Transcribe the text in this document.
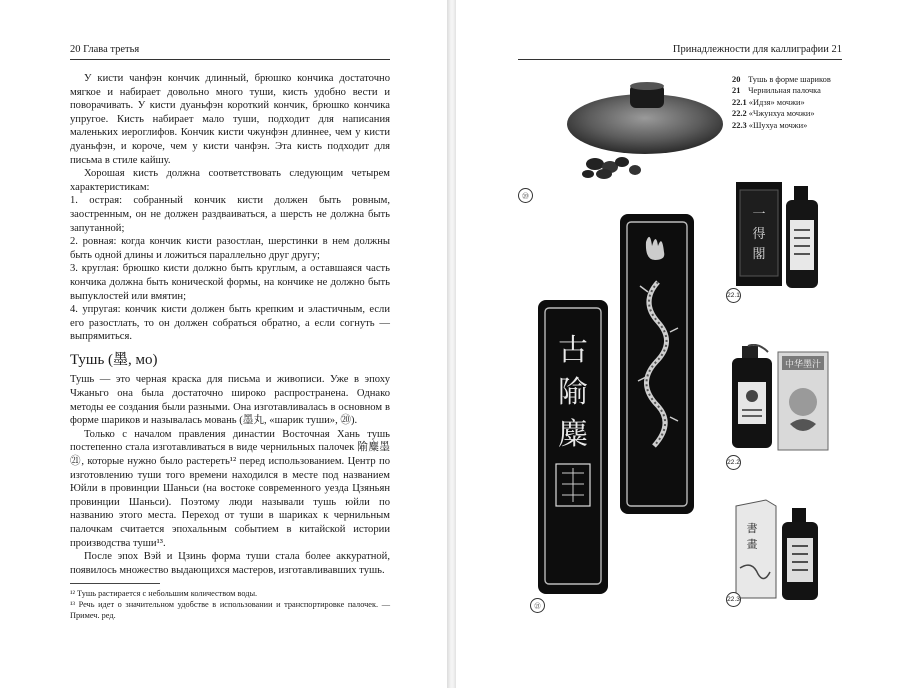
20 Глава третья

У кисти чанфэн кончик длинный, брюшко кончика достаточно мягкое и набирает довольно много туши, кисть удобно вести и поворачивать. У кисти дуаньфэн короткий кончик, брюшко кончика упругое. Кисть набирает мало туши, подходит для написания маленьких иероглифов. Кончик кисти чжунфэн длиннее, чем у кисти дуаньфэн, и короче, чем у кисти чанфэн. Эта кисть подходит для письма в стиле кайшу.

Хорошая кисть должна соответствовать следующим четырем характеристикам:

1. острая: собранный кончик кисти должен быть ровным, заостренным, он не должен раздваиваться, а шерсть не должна быть запутанной;

2. ровная: когда кончик кисти разостлан, шерстинки в нем должны быть одной длины и ложиться параллельно друг другу;

3. круглая: брюшко кисти должно быть круглым, а оставшаяся часть кончика должна быть конической формы, на кончике не должно быть выпуклостей или вмятин;

4. упругая: кончик кисти должен быть крепким и эластичным, если его разостлать, то он должен собраться обратно, а если согнуть — выпрямиться.

Тушь (墨, мо)

Тушь — это черная краска для письма и живописи. Уже в эпоху Чжаньго она была достаточно широко распространена. Однако методы ее создания были разными. Она изготавливалась в основном в форме шариков и называлась мовань (墨丸, «шарик туши», ⑳).

Только с началом правления династии Восточная Хань тушь постепенно стала изготавливаться в виде чернильных палочек 隃麋墨 ㉑, которые нужно было растереть¹² перед использованием. Центр по изготовлению туши того времени находился в месте под названием Юйли в провинции Шаньси (на востоке современного уезда Цзяньян провинции Шаньси). Поэтому люди называли тушь юйли по названию этого места. Переход от туши в шариках к чернильным палочкам считается эпохальным событием в китайской истории производства туши¹³.

После эпох Вэй и Цзинь форма туши стала более аккуратной, появилось множество выдающихся мастеров, изготавливавших тушь.

¹² Тушь растирается с небольшим количеством воды.

¹³ Речь идет о значительном удобстве в использовании и транспортировке палочек. — Примеч. ред.

Принадлежности для каллиграфии 21
20 Тушь в форме шариков
21 Чернильная палочка
22.1 «Идзя» мочжи»
22.2 «Чжунхуа мочжи»
22.3 «Шухуа мочжи»
⑳
古
隃
麋
㉑
一
得
閣
22.1
中华墨汁
22.2
書
畫
22.3
